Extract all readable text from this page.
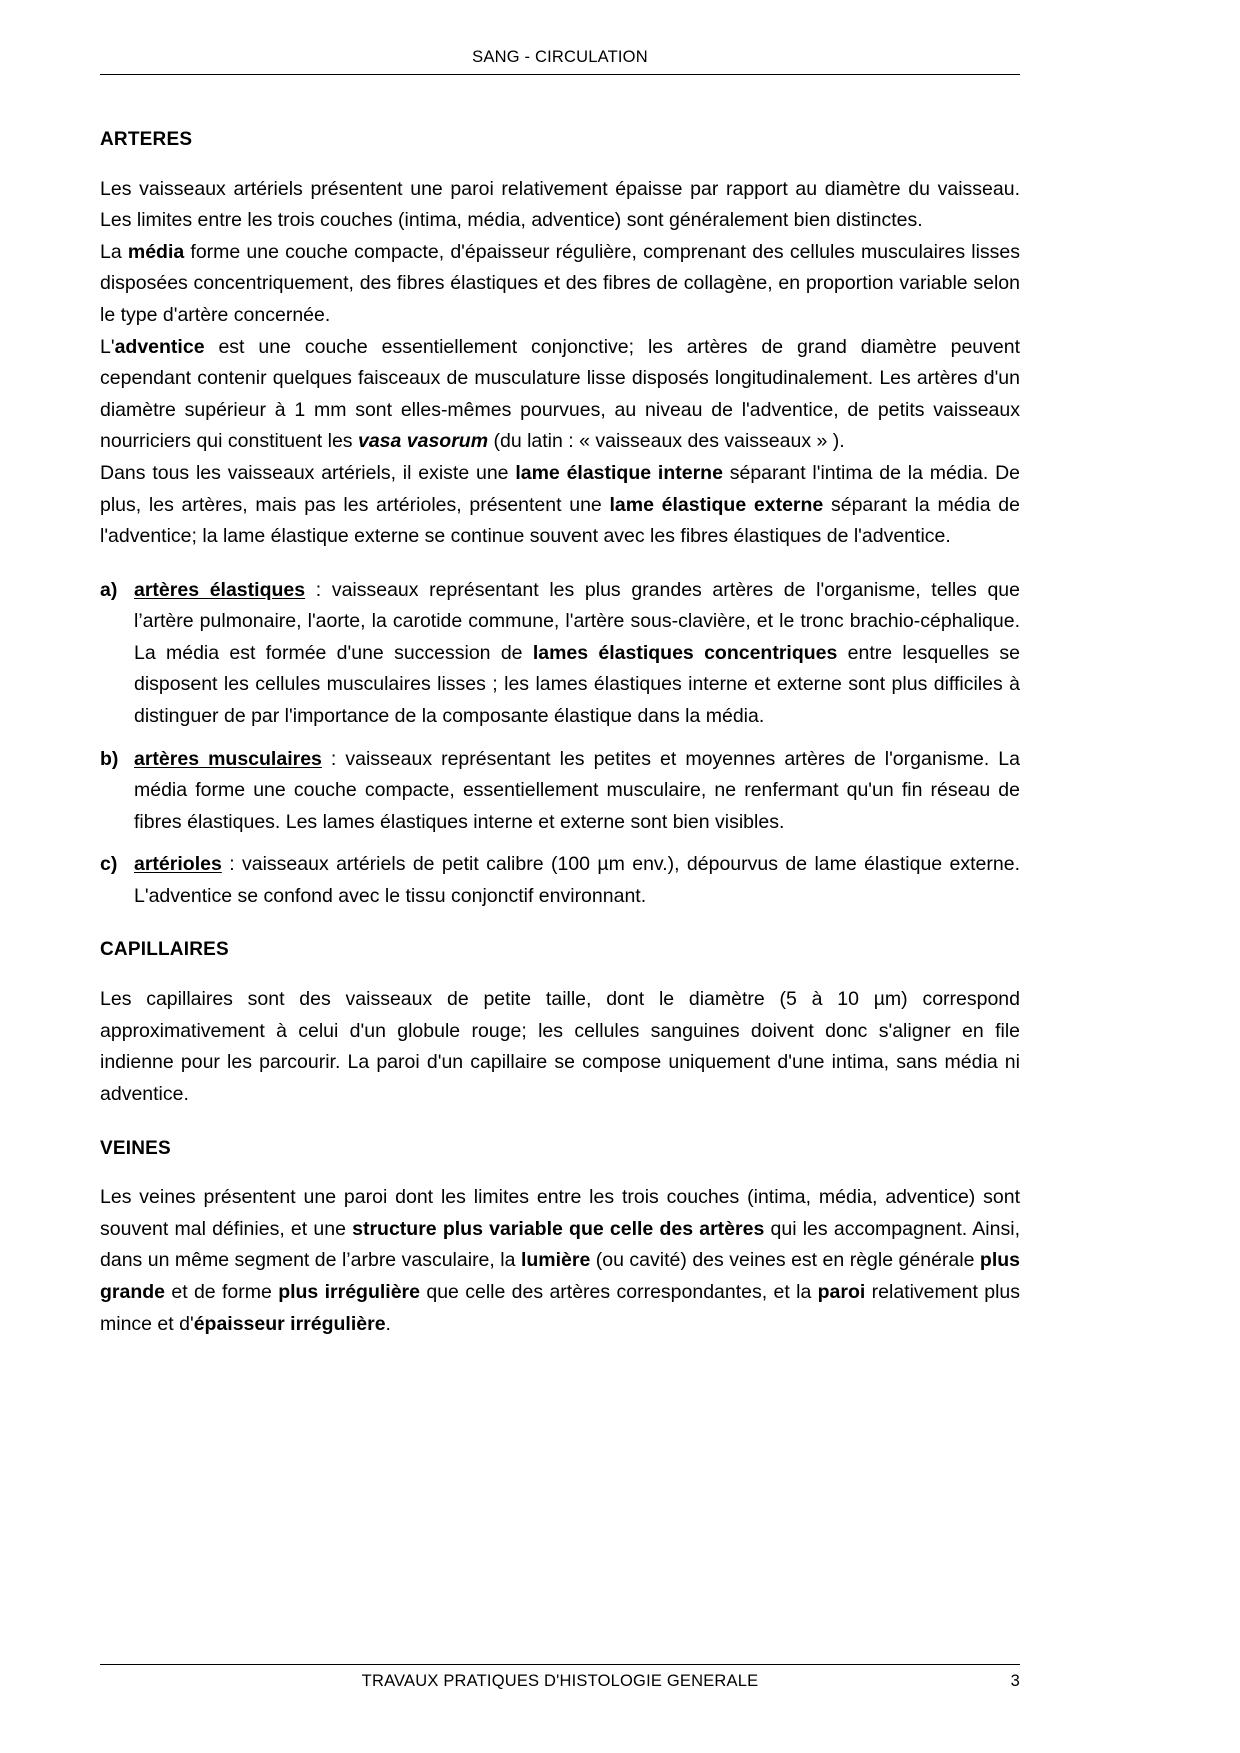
SANG - CIRCULATION
ARTERES

Les vaisseaux artériels présentent une paroi relativement épaisse par rapport au diamètre du vaisseau. Les limites entre les trois couches (intima, média, adventice) sont généralement bien distinctes.

La média forme une couche compacte, d'épaisseur régulière, comprenant des cellules musculaires lisses disposées concentriquement, des fibres élastiques et des fibres de collagène, en proportion variable selon le type d'artère concernée.

L'adventice est une couche essentiellement conjonctive; les artères de grand diamètre peuvent cependant contenir quelques faisceaux de musculature lisse disposés longitudinalement. Les artères d'un diamètre supérieur à 1 mm sont elles-mêmes pourvues, au niveau de l'adventice, de petits vaisseaux nourriciers qui constituent les vasa vasorum (du latin : « vaisseaux des vaisseaux » ).

Dans tous les vaisseaux artériels, il existe une lame élastique interne séparant l'intima de la média. De plus, les artères, mais pas les artérioles, présentent une lame élastique externe séparant la média de l'adventice; la lame élastique externe se continue souvent avec les fibres élastiques de l'adventice.

a) artères élastiques : vaisseaux représentant les plus grandes artères de l'organisme, telles que l’artère pulmonaire, l'aorte, la carotide commune, l'artère sous-clavière, et le tronc brachio-céphalique. La média est formée d'une succession de lames élastiques concentriques entre lesquelles se disposent les cellules musculaires lisses ; les lames élastiques interne et externe sont plus difficiles à distinguer de par l'importance de la composante élastique dans la média.
b) artères musculaires : vaisseaux représentant les petites et moyennes artères de l'organisme. La média forme une couche compacte, essentiellement musculaire, ne renfermant qu'un fin réseau de fibres élastiques. Les lames élastiques interne et externe sont bien visibles.
c) artérioles : vaisseaux artériels de petit calibre (100 µm env.), dépourvus de lame élastique externe. L'adventice se confond avec le tissu conjonctif environnant.
CAPILLAIRES

Les capillaires sont des vaisseaux de petite taille, dont le diamètre (5 à 10 µm) correspond approximativement à celui d'un globule rouge; les cellules sanguines doivent donc s'aligner en file indienne pour les parcourir. La paroi d'un capillaire se compose uniquement d'une intima, sans média ni adventice.

VEINES

Les veines présentent une paroi dont les limites entre les trois couches (intima, média, adventice) sont souvent mal définies, et une structure plus variable que celle des artères qui les accompagnent. Ainsi, dans un même segment de l’arbre vasculaire, la lumière (ou cavité) des veines est en règle générale plus grande et de forme plus irrégulière que celle des artères correspondantes, et la paroi relativement plus mince et d'épaisseur irrégulière.

TRAVAUX PRATIQUES D'HISTOLOGIE GENERALE	3
